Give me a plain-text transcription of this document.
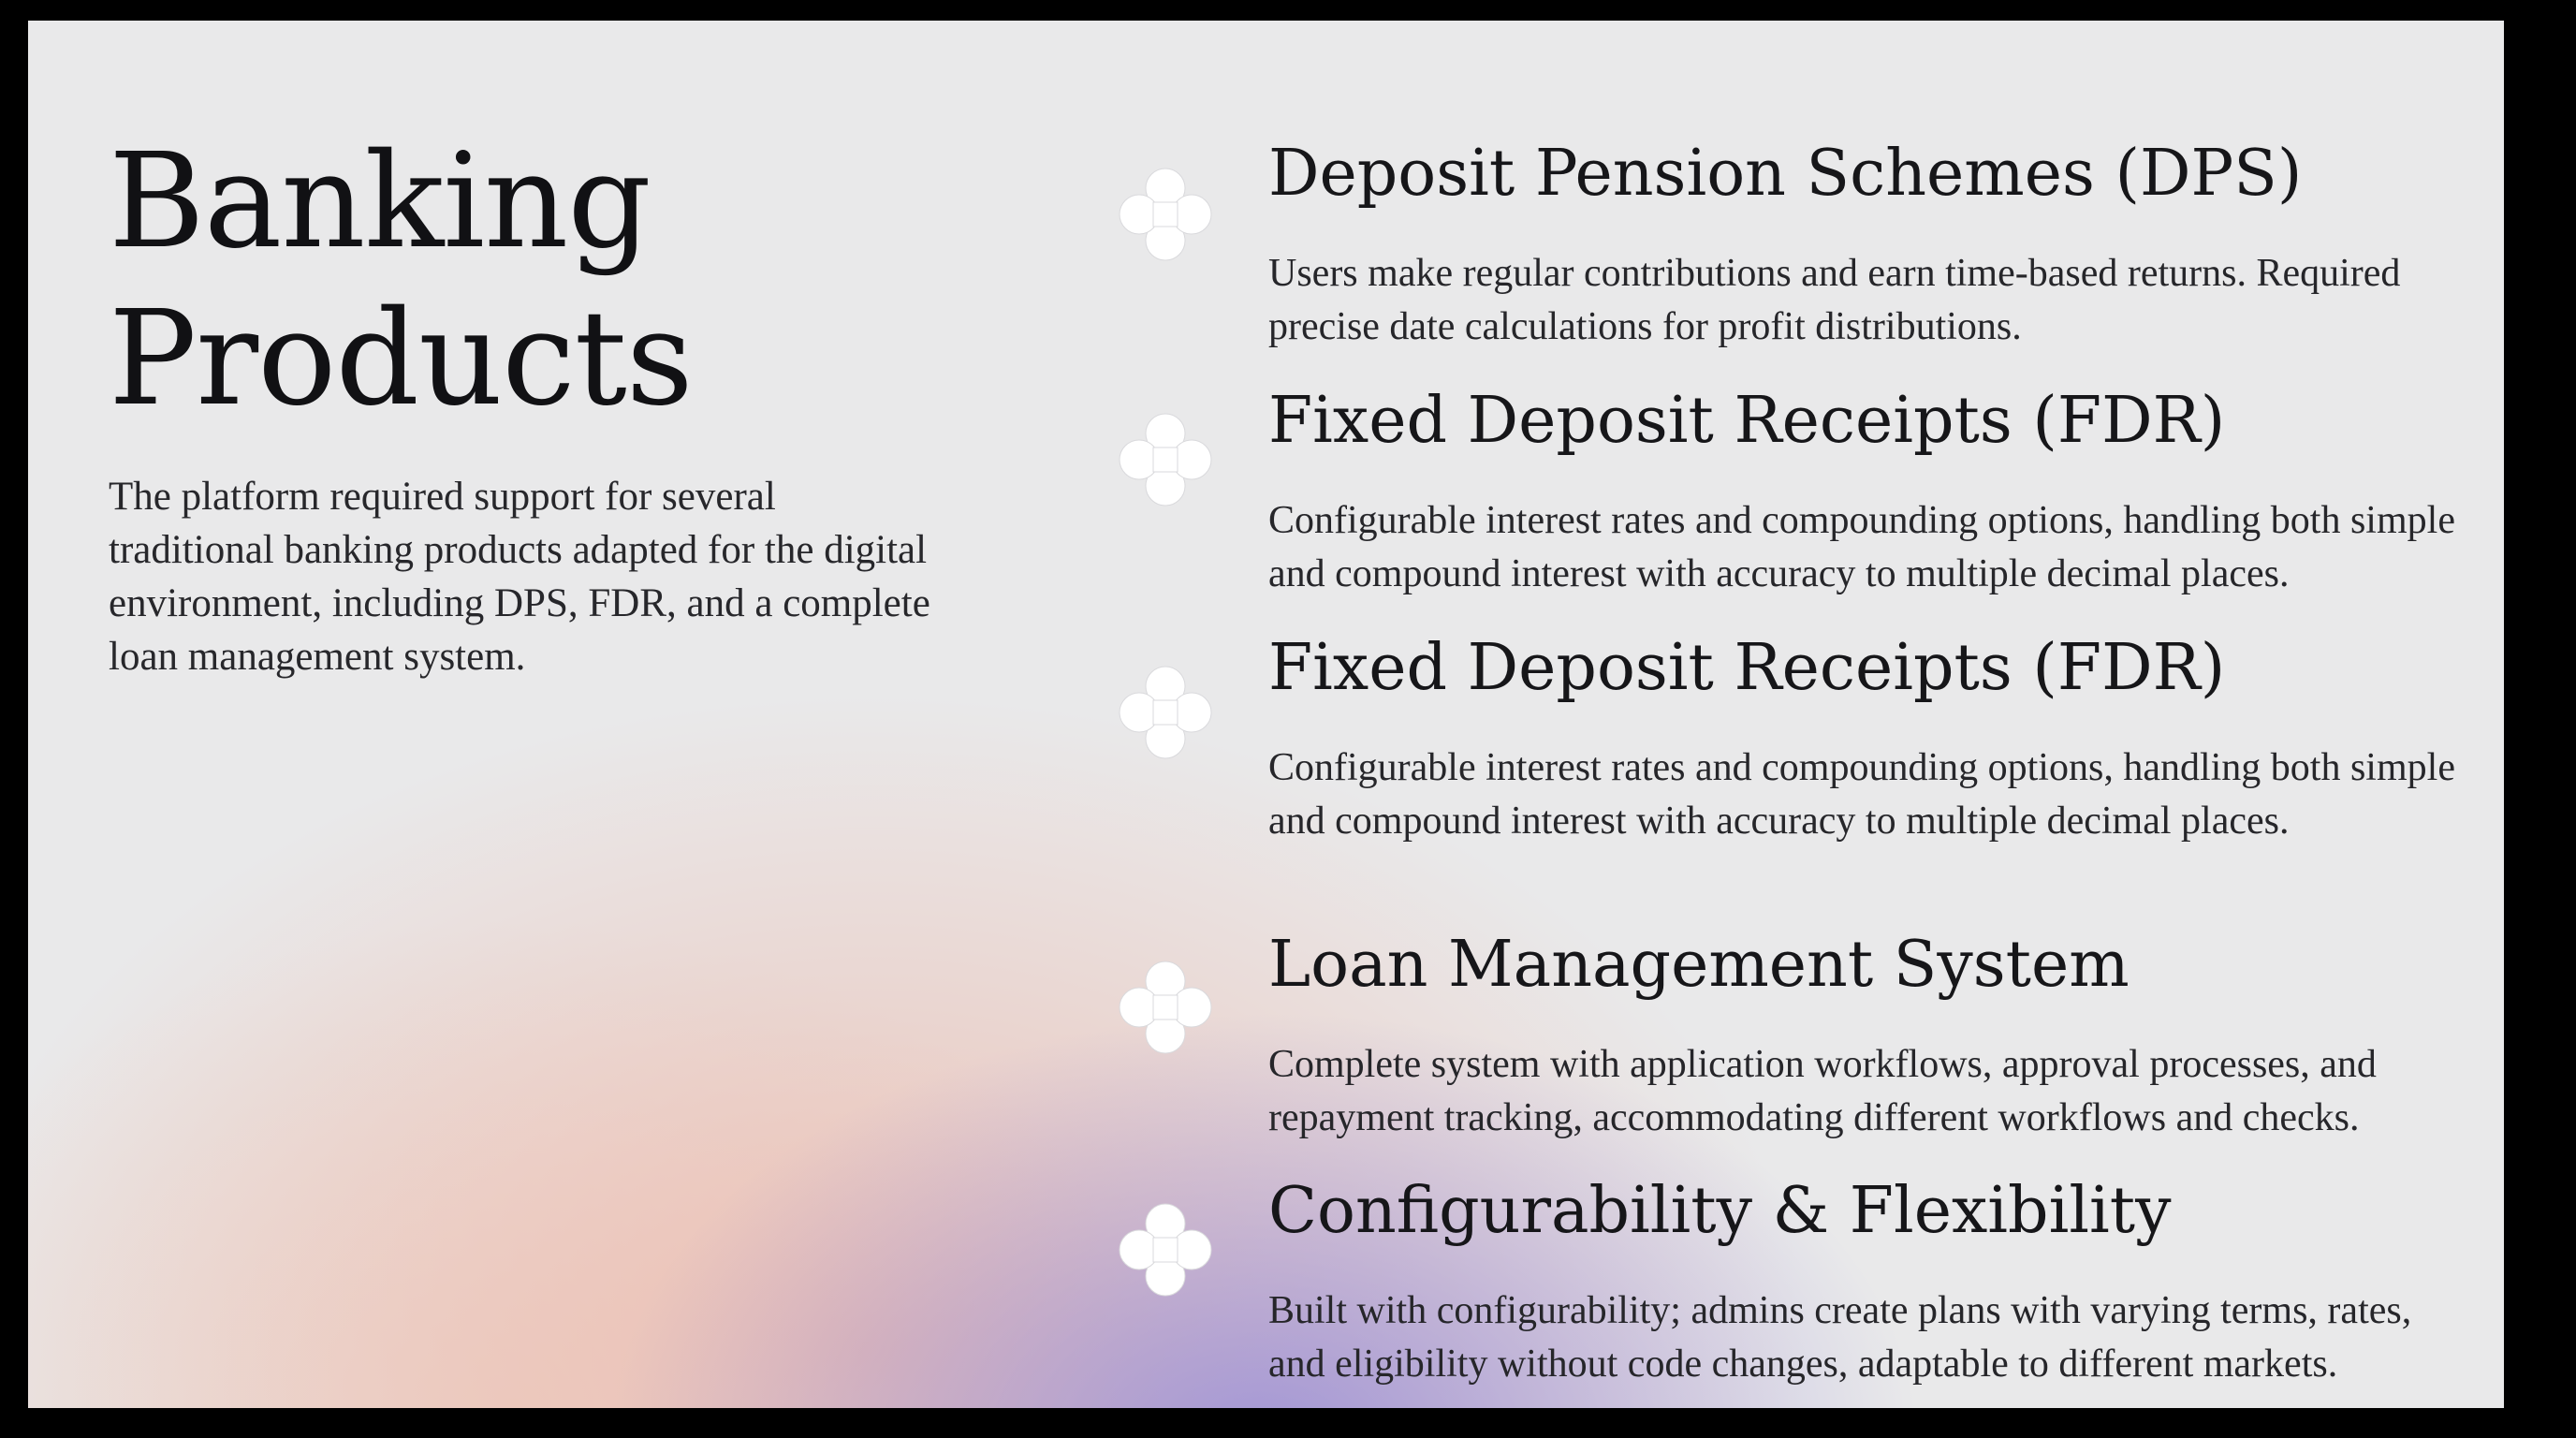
Banking
Products

The platform required support for several traditional banking products adapted for the digital environment, including DPS, FDR, and a complete loan management system.

Deposit Pension Schemes (DPS)

Users make regular contributions and earn time-based returns. Required precise date calculations for profit distributions.

Fixed Deposit Receipts (FDR)

Configurable interest rates and compounding options, handling both simple and compound interest with accuracy to multiple decimal places.

Fixed Deposit Receipts (FDR)

Configurable interest rates and compounding options, handling both simple and compound interest with accuracy to multiple decimal places.

Loan Management System

Complete system with application workflows, approval processes, and repayment tracking, accommodating different workflows and checks.

Configurability & Flexibility

Built with configurability; admins create plans with varying terms, rates, and eligibility without code changes, adaptable to different markets.
